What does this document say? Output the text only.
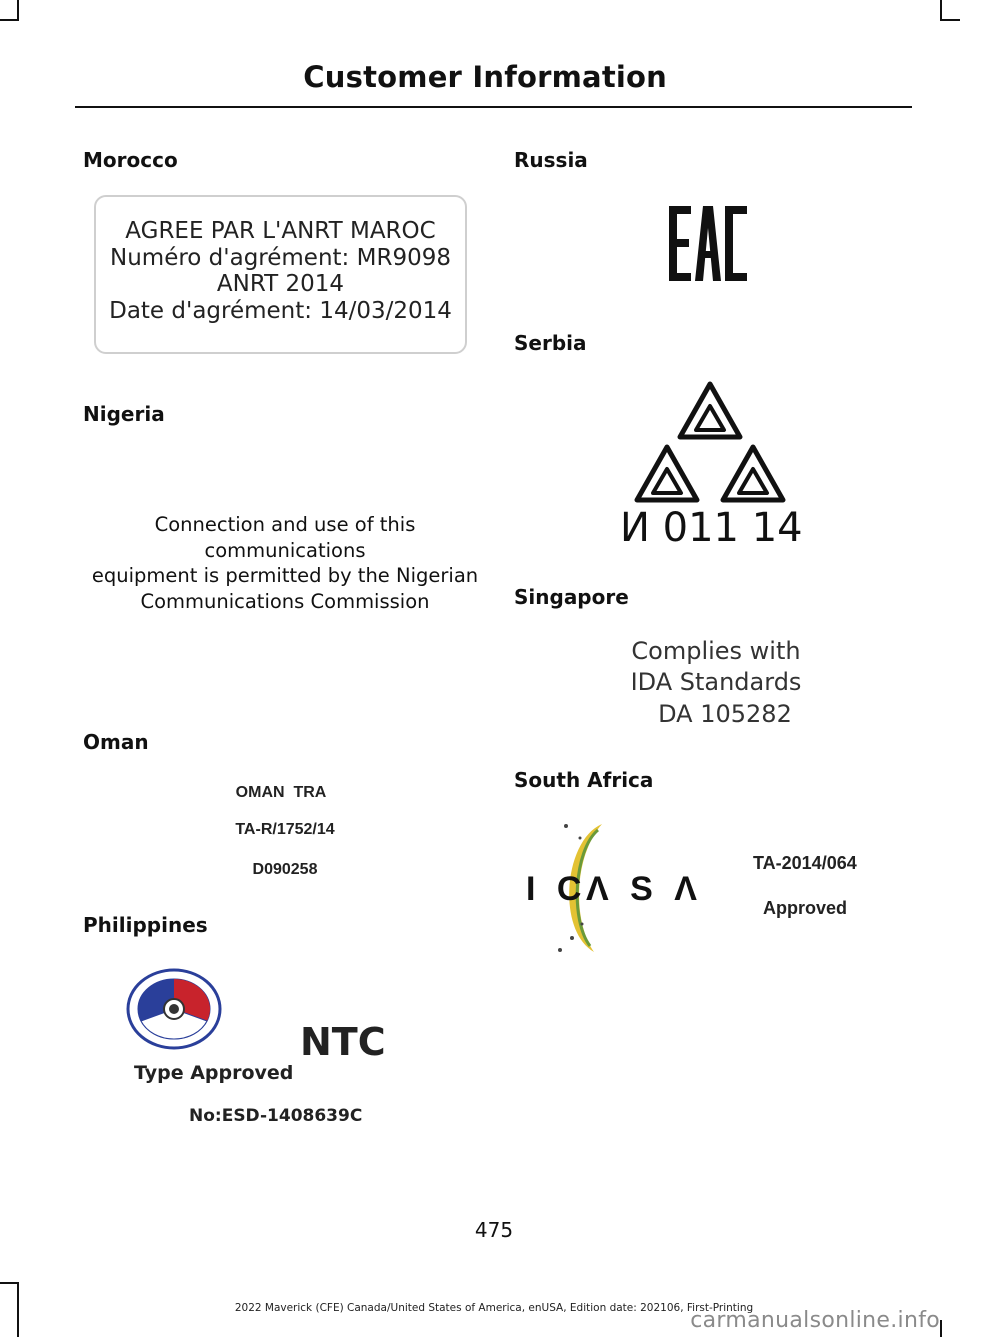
Customer Information
Morocco
AGREE PAR L'ANRT MAROC
Numéro d'agrément: MR9098
ANRT 2014
Date d'agrément: 14/03/2014
Nigeria
Connection and use of this
communications
equipment is permitted by the Nigerian
Communications Commission
Oman
OMAN  TRA
TA-R/1752/14
D090258
Philippines
NTC
Type Approved
No:ESD-1408639C
Russia
Serbia
И 011 14
Singapore
Complies with
IDA Standards
DA 105282
South Africa
I C
Λ S Λ
TA-2014/064
Approved
475
2022 Maverick (CFE) Canada/United States of America, enUSA, Edition date: 202106, First-Printing
carmanualsonline.info
